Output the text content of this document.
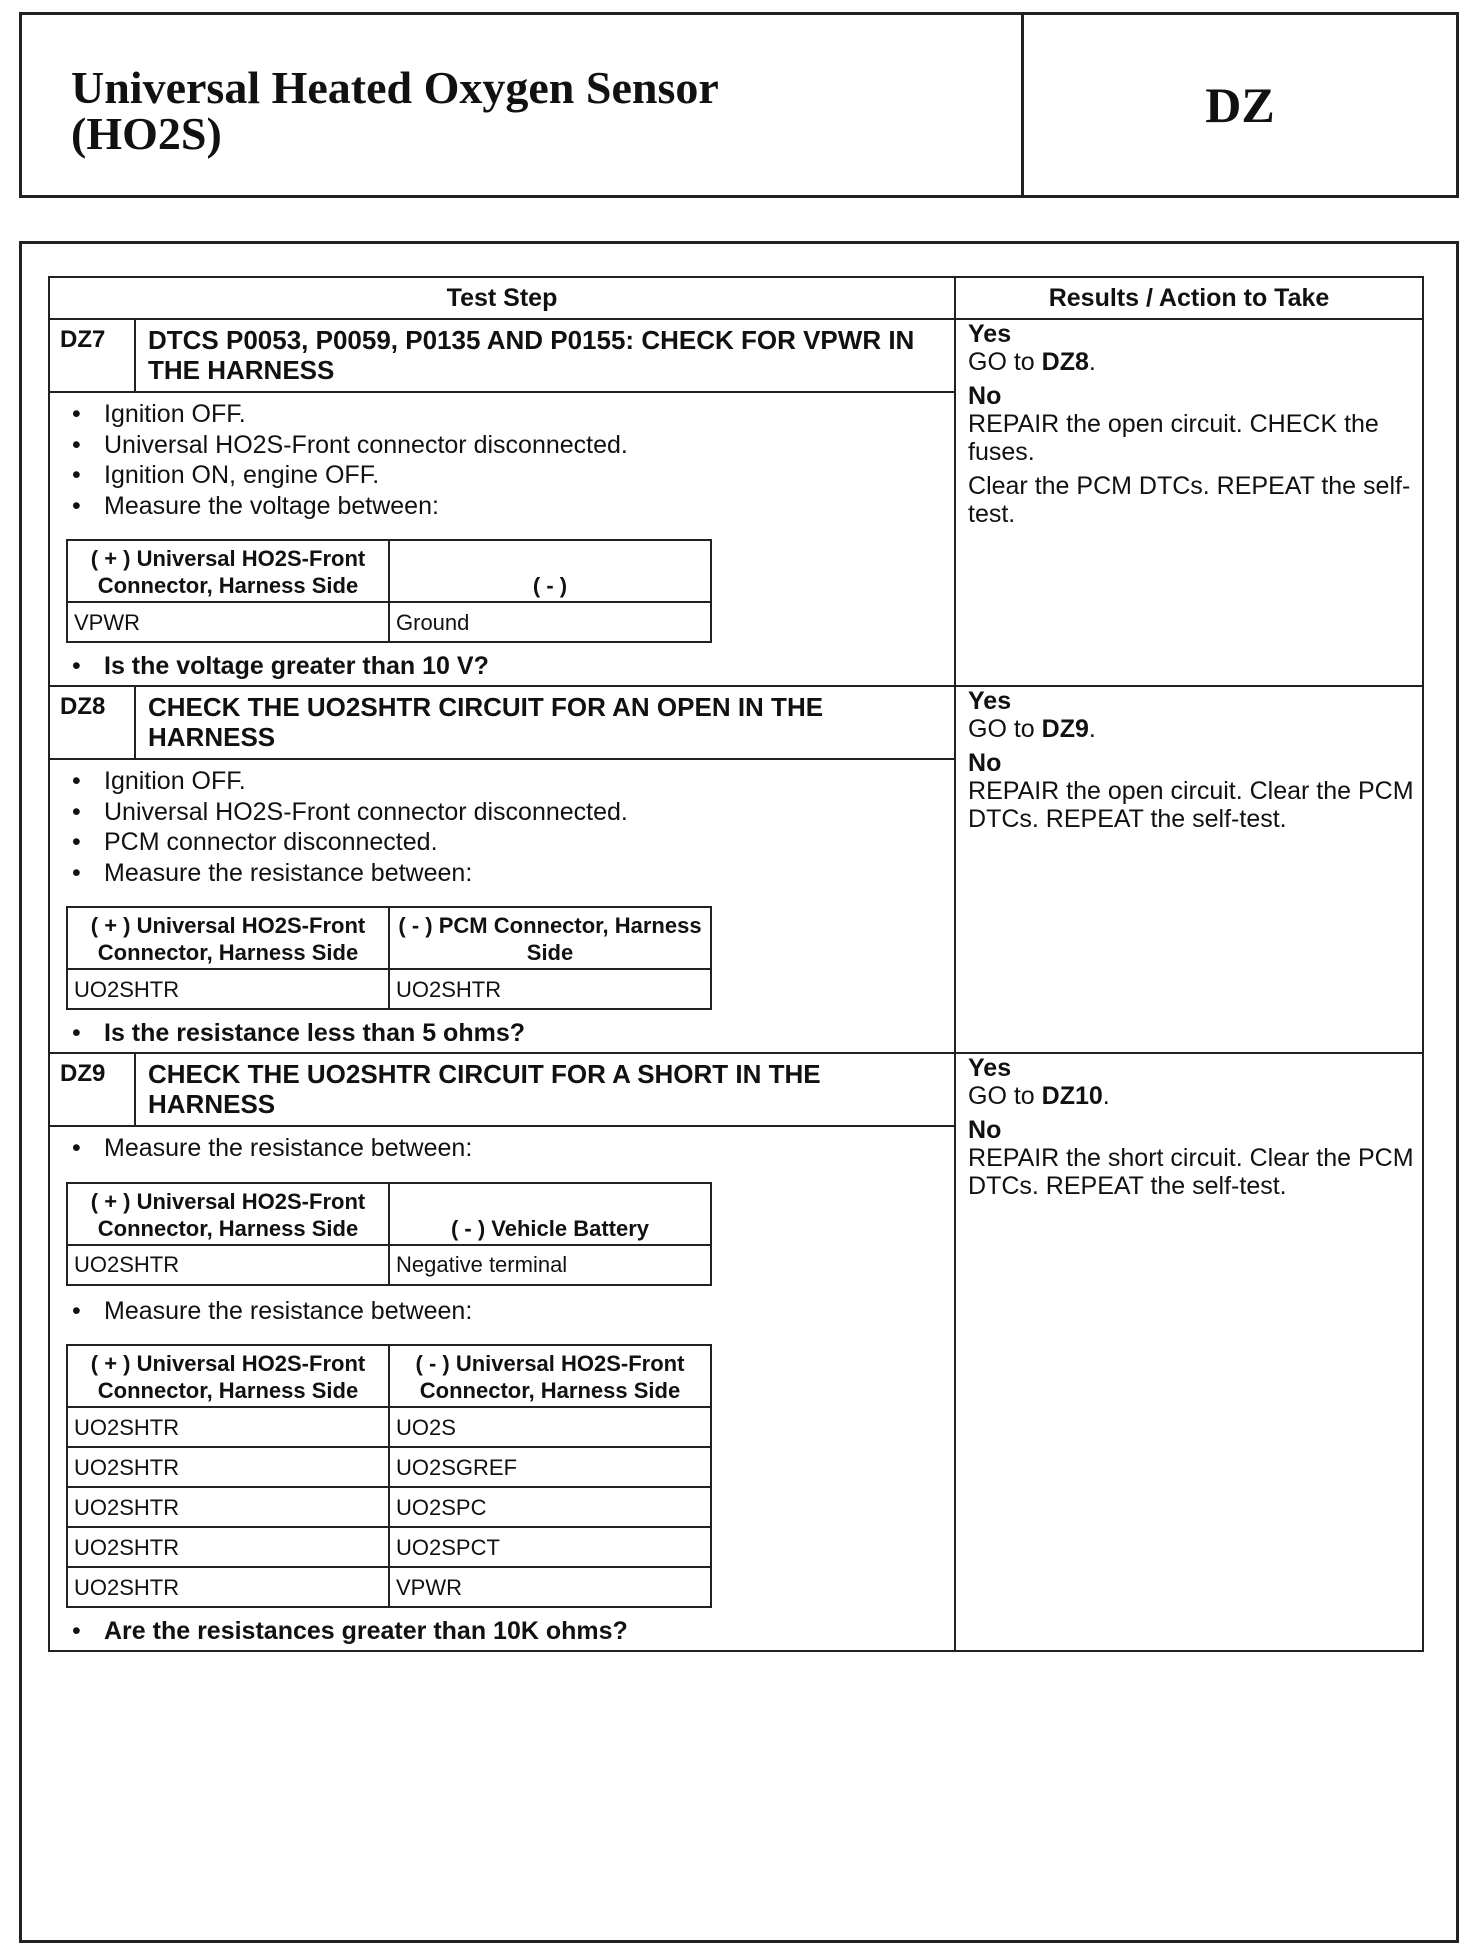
Universal Heated Oxygen Sensor
(HO2S)
DZ
Test Step	Results / Action to Take
DZ7	DTCS P0053, P0059, P0135 AND P0155: CHECK FOR VPWR IN THE HARNESS	
Yes
GO to DZ8.
No
REPAIR the open circuit. CHECK the fuses.
Clear the PCM DTCs. REPEAT the self-test.

• Ignition OFF.
• Universal HO2S-Front connector disconnected.
• Ignition ON, engine OFF.
• Measure the voltage between:
( + ) Universal HO2S-Front Connector, Harness Side	( - )
VPWR	Ground
• Is the voltage greater than 10 V?

DZ8	CHECK THE UO2SHTR CIRCUIT FOR AN OPEN IN THE HARNESS	
Yes
GO to DZ9.
No
REPAIR the open circuit. Clear the PCM DTCs. REPEAT the self-test.

• Ignition OFF.
• Universal HO2S-Front connector disconnected.
• PCM connector disconnected.
• Measure the resistance between:
( + ) Universal HO2S-Front Connector, Harness Side	( - ) PCM Connector, Harness Side
UO2SHTR	UO2SHTR
• Is the resistance less than 5 ohms?

DZ9	CHECK THE UO2SHTR CIRCUIT FOR A SHORT IN THE HARNESS	
Yes
GO to DZ10.
No
REPAIR the short circuit. Clear the PCM DTCs. REPEAT the self-test.

• Measure the resistance between:
( + ) Universal HO2S-Front Connector, Harness Side	( - ) Vehicle Battery
UO2SHTR	Negative terminal
• Measure the resistance between:
( + ) Universal HO2S-Front Connector, Harness Side	( - ) Universal HO2S-Front Connector, Harness Side
UO2SHTR	UO2S
UO2SHTR	UO2SGREF
UO2SHTR	UO2SPC
UO2SHTR	UO2SPCT
UO2SHTR	VPWR
• Are the resistances greater than 10K ohms?
